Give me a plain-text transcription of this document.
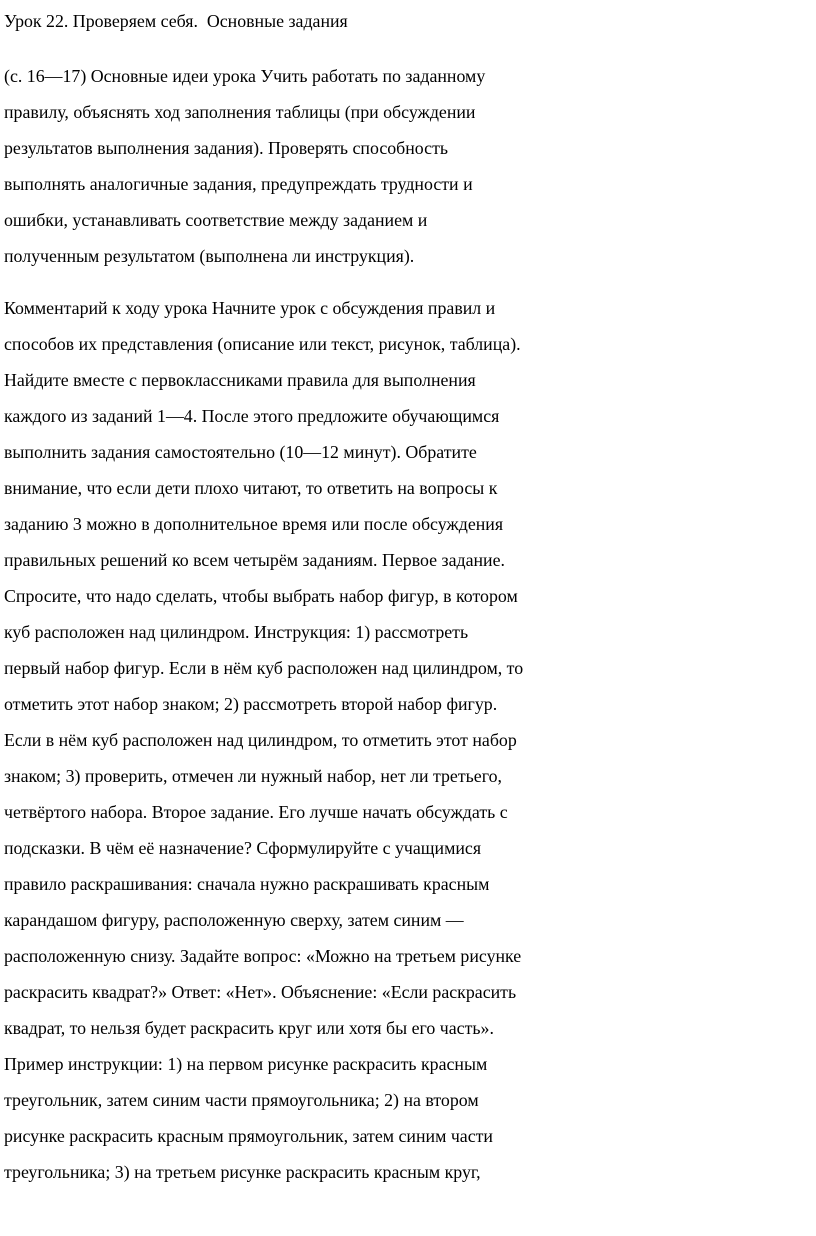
Урок 22. Проверяем себя.  Основные задания
(с. 16—17) Основные идеи урока Учить работать по заданному
правилу, объяснять ход заполнения таблицы (при обсуждении
результатов выполнения задания). Проверять способность
выполнять аналогичные задания, предупреждать трудности и
ошибки, устанавливать соответствие между заданием и
полученным результатом (выполнена ли инструкция).
Комментарий к ходу урока Начните урок с обсуждения правил и
способов их представления (описание или текст, рисунок, таблица).
Найдите вместе с первоклассниками правила для выполнения
каждого из заданий 1—4. После этого предложите обучающимся
выполнить задания самостоятельно (10—12 минут). Обратите
внимание, что если дети плохо читают, то ответить на вопросы к
заданию 3 можно в дополнительное время или после обсуждения
правильных решений ко всем четырём заданиям. Первое задание.
Спросите, что надо сделать, чтобы выбрать набор фигур, в котором
куб расположен над цилиндром. Инструкция: 1) рассмотреть
первый набор фигур. Если в нём куб расположен над цилиндром, то
отметить этот набор знаком; 2) рассмотреть второй набор фигур.
Если в нём куб расположен над цилиндром, то отметить этот набор
знаком; 3) проверить, отмечен ли нужный набор, нет ли третьего,
четвёртого набора. Второе задание. Его лучше начать обсуждать с
подсказки. В чём её назначение? Сформулируйте с учащимися
правило раскрашивания: сначала нужно раскрашивать красным
карандашом фигуру, расположенную сверху, затем синим —
расположенную снизу. Задайте вопрос: «Можно на третьем рисунке
раскрасить квадрат?» Ответ: «Нет». Объяснение: «Если раскрасить
квадрат, то нельзя будет раскрасить круг или хотя бы его часть».
Пример инструкции: 1) на первом рисунке раскрасить красным
треугольник, затем синим части прямоугольника; 2) на втором
рисунке раскрасить красным прямоугольник, затем синим части
треугольника; 3) на третьем рисунке раскрасить красным круг,
